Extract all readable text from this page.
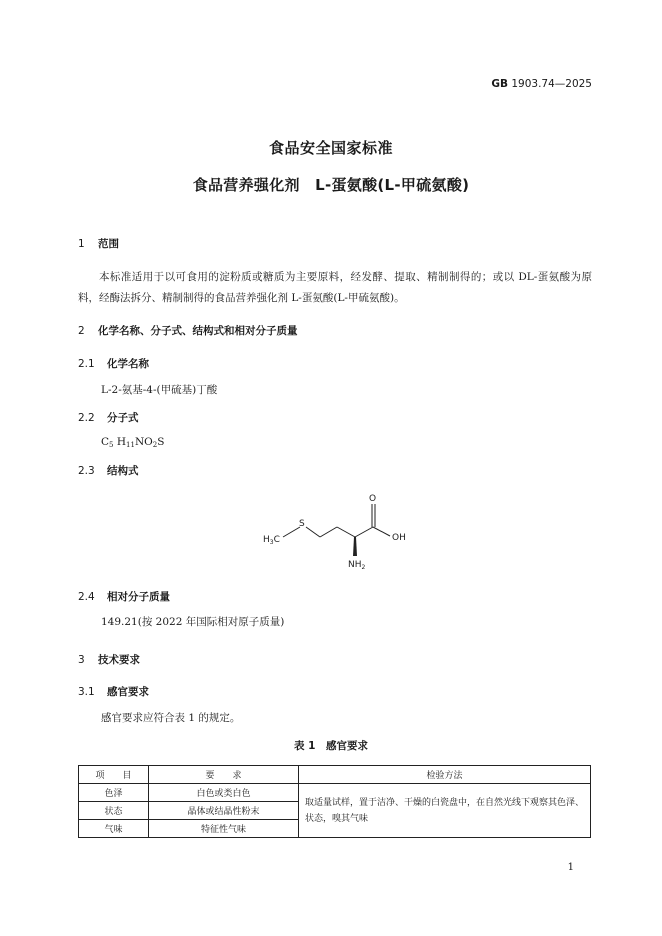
GB 1903.74—2025
食品安全国家标准
食品营养强化剂　L-蛋氨酸(L-甲硫氨酸)
1 范围
本标准适用于以可食用的淀粉质或糖质为主要原料，经发酵、提取、精制制得的；或以 DL-蛋氨酸为原料，经酶法拆分、精制制得的食品营养强化剂 L-蛋氨酸(L-甲硫氨酸)。
2 化学名称、分子式、结构式和相对分子质量
2.1 化学名称
L-2-氨基-4-(甲硫基)丁酸
2.2 分子式
$C_5$ $H_{11}NO_2S$
2.3 结构式
O
OH
S
$H_3C$
$NH_2$
2.4 相对分子质量
149.21(按 2022 年国际相对原子质量)
3 技术要求
3.1 感官要求
感官要求应符合表 1 的规定。
表 1　感官要求
项　　目	要　　求	检验方法
色泽	白色或类白色	取适量试样，置于洁净、干燥的白瓷盘中，在自然光线下观察其色泽、状态，嗅其气味
状态	晶体或结晶性粉末	
气味	特征性气味	
1
